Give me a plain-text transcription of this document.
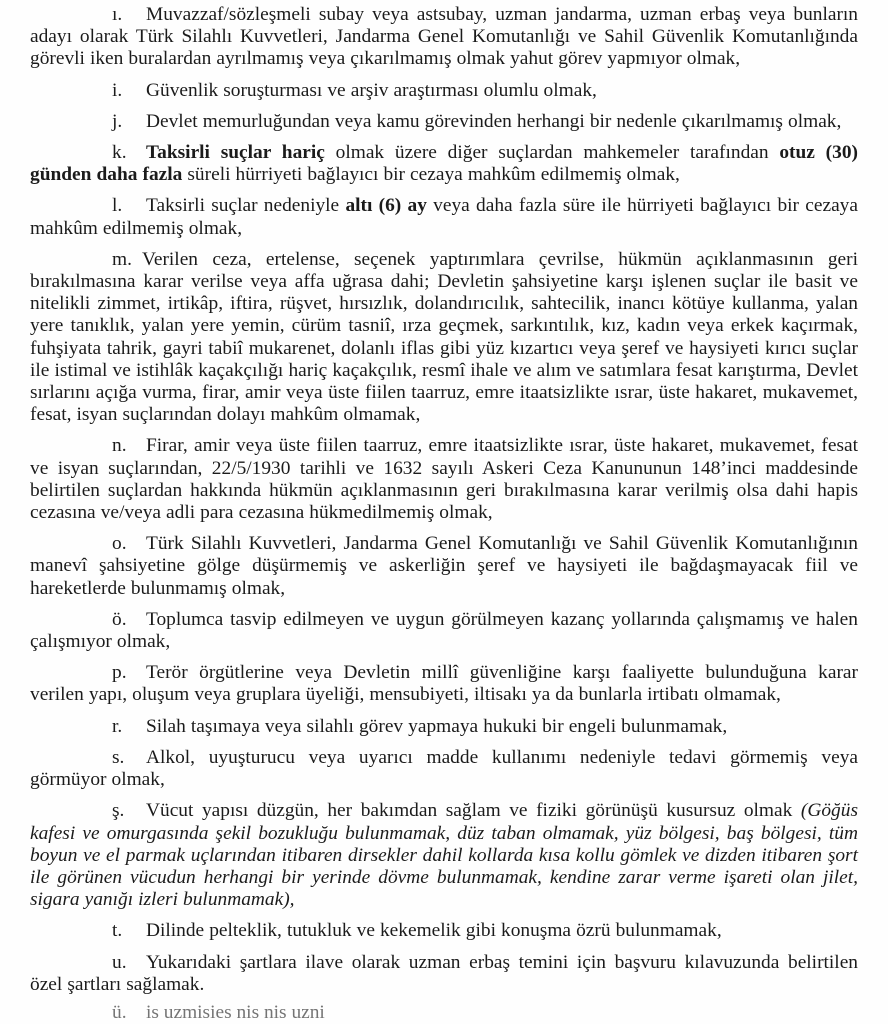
ı. Muvazzaf/sözleşmeli subay veya astsubay, uzman jandarma, uzman erbaş veya bunların adayı olarak Türk Silahlı Kuvvetleri, Jandarma Genel Komutanlığı ve Sahil Güvenlik Komutanlığında görevli iken buralardan ayrılmamış veya çıkarılmamış olmak yahut görev yapmıyor olmak,

i. Güvenlik soruşturması ve arşiv araştırması olumlu olmak,

j. Devlet memurluğundan veya kamu görevinden herhangi bir nedenle çıkarılmamış olmak,

k. Taksirli suçlar hariç olmak üzere diğer suçlardan mahkemeler tarafından otuz (30) günden daha fazla süreli hürriyeti bağlayıcı bir cezaya mahkûm edilmemiş olmak,

l. Taksirli suçlar nedeniyle altı (6) ay veya daha fazla süre ile hürriyeti bağlayıcı bir cezaya mahkûm edilmemiş olmak,

m. Verilen ceza, ertelense, seçenek yaptırımlara çevrilse, hükmün açıklanmasının geri bırakılmasına karar verilse veya affa uğrasa dahi; Devletin şahsiyetine karşı işlenen suçlar ile basit ve nitelikli zimmet, irtikâp, iftira, rüşvet, hırsızlık, dolandırıcılık, sahtecilik, inancı kötüye kullanma, yalan yere tanıklık, yalan yere yemin, cürüm tasniî, ırza geçmek, sarkıntılık, kız, kadın veya erkek kaçırmak, fuhşiyata tahrik, gayri tabiî mukarenet, dolanlı iflas gibi yüz kızartıcı veya şeref ve haysiyeti kırıcı suçlar ile istimal ve istihlâk kaçakçılığı hariç kaçakçılık, resmî ihale ve alım ve satımlara fesat karıştırma, Devlet sırlarını açığa vurma, firar, amir veya üste fiilen taarruz, emre itaatsizlikte ısrar, üste hakaret, mukavemet, fesat, isyan suçlarından dolayı mahkûm olmamak,

n. Firar, amir veya üste fiilen taarruz, emre itaatsizlikte ısrar, üste hakaret, mukavemet, fesat ve isyan suçlarından, 22/5/1930 tarihli ve 1632 sayılı Askeri Ceza Kanununun 148’inci maddesinde belirtilen suçlardan hakkında hükmün açıklanmasının geri bırakılmasına karar verilmiş olsa dahi hapis cezasına ve/veya adli para cezasına hükmedilmemiş olmak,

o. Türk Silahlı Kuvvetleri, Jandarma Genel Komutanlığı ve Sahil Güvenlik Komutanlığının manevî şahsiyetine gölge düşürmemiş ve askerliğin şeref ve haysiyeti ile bağdaşmayacak fiil ve hareketlerde bulunmamış olmak,

ö. Toplumca tasvip edilmeyen ve uygun görülmeyen kazanç yollarında çalışmamış ve halen çalışmıyor olmak,

p. Terör örgütlerine veya Devletin millî güvenliğine karşı faaliyette bulunduğuna karar verilen yapı, oluşum veya gruplara üyeliği, mensubiyeti, iltisakı ya da bunlarla irtibatı olmamak,

r. Silah taşımaya veya silahlı görev yapmaya hukuki bir engeli bulunmamak,

s. Alkol, uyuşturucu veya uyarıcı madde kullanımı nedeniyle tedavi görmemiş veya görmüyor olmak,

ş. Vücut yapısı düzgün, her bakımdan sağlam ve fiziki görünüşü kusursuz olmak (Göğüs kafesi ve omurgasında şekil bozukluğu bulunmamak, düz taban olmamak, yüz bölgesi, baş bölgesi, tüm boyun ve el parmak uçlarından itibaren dirsekler dahil kollarda kısa kollu gömlek ve dizden itibaren şort ile görünen vücudun herhangi bir yerinde dövme bulunmamak, kendine zarar verme işareti olan jilet, sigara yanığı izleri bulunmamak),

t. Dilinde pelteklik, tutukluk ve kekemelik gibi konuşma özrü bulunmamak,

u. Yukarıdaki şartlara ilave olarak uzman erbaş temini için başvuru kılavuzunda belirtilen özel şartları sağlamak.

ü. is uzmisies nis nis uzni
